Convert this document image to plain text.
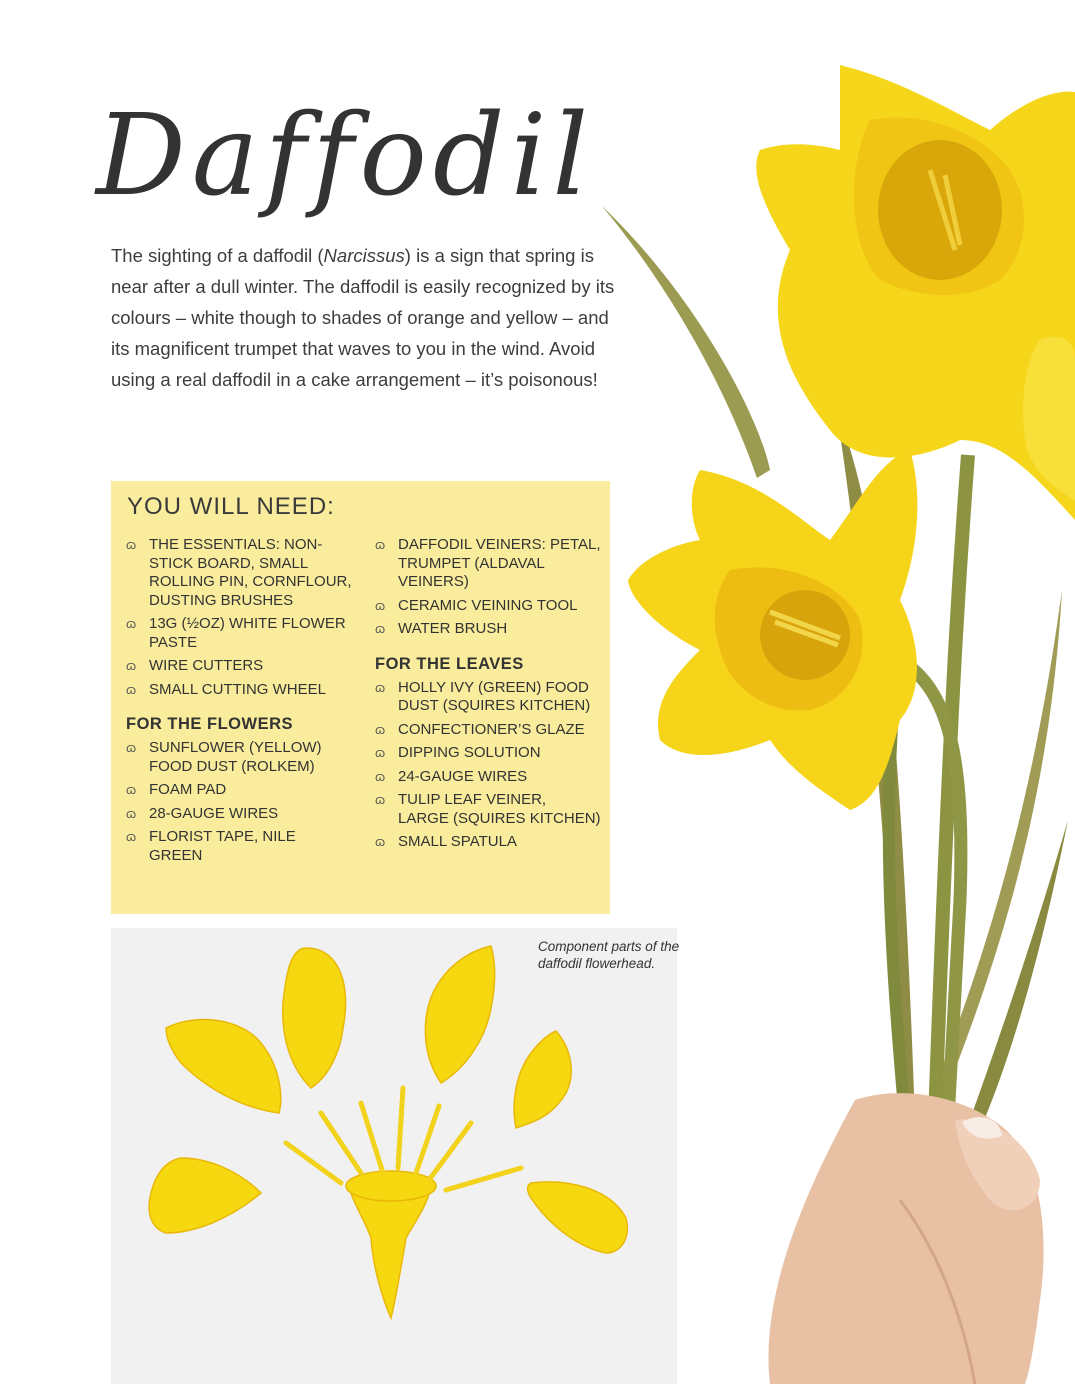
Daffodil

The sighting of a daffodil (Narcissus) is a sign that spring is near after a dull winter. The daffodil is easily recognized by its colours – white though to shades of orange and yellow – and its magnificent trumpet that waves to you in the wind. Avoid using a real daffodil in a cake arrangement – it’s poisonous!

YOU WILL NEED:
ɷ THE ESSENTIALS: NON-STICK BOARD, SMALL ROLLING PIN, CORNFLOUR, DUSTING BRUSHES
ɷ 13G (½OZ) WHITE FLOWER PASTE
ɷ WIRE CUTTERS
ɷ SMALL CUTTING WHEEL
FOR THE FLOWERS
ɷ SUNFLOWER (YELLOW) FOOD DUST (ROLKEM)
ɷ FOAM PAD
ɷ 28-GAUGE WIRES
ɷ FLORIST TAPE, NILE GREEN
ɷ DAFFODIL VEINERS: PETAL, TRUMPET (ALDAVAL VEINERS)
ɷ CERAMIC VEINING TOOL
ɷ WATER BRUSH
FOR THE LEAVES
ɷ HOLLY IVY (GREEN) FOOD DUST (SQUIRES KITCHEN)
ɷ CONFECTIONER’S GLAZE
ɷ DIPPING SOLUTION
ɷ 24-GAUGE WIRES
ɷ TULIP LEAF VEINER, LARGE (SQUIRES KITCHEN)
ɷ SMALL SPATULA

Component parts of the daffodil flowerhead.
